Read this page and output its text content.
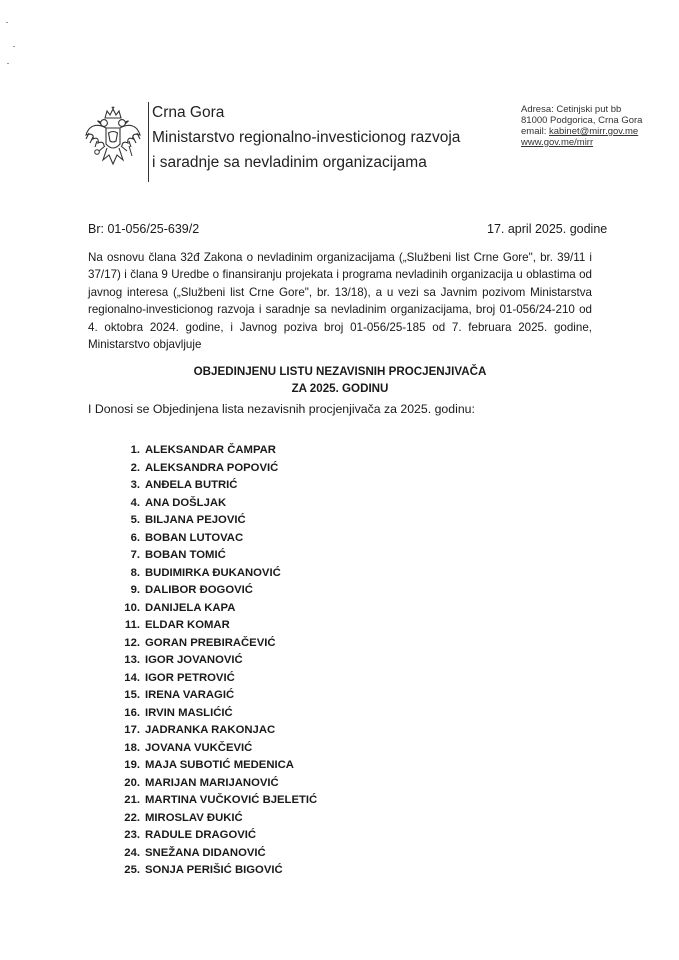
Crna Gora
Ministarstvo regionalno-investicionog razvoja
i saradnje sa nevladinim organizacijama
Adresa: Cetinjski put bb
81000 Podgorica, Crna Gora
email: kabinet@mirr.gov.me
www.gov.me/mirr
Br: 01-056/25-639/2	17. april 2025. godine
Na osnovu člana 32đ Zakona o nevladinim organizacijama („Službeni list Crne Gore", br. 39/11 i 37/17) i člana 9 Uredbe o finansiranju projekata i programa nevladinih organizacija u oblastima od javnog interesa („Službeni list Crne Gore", br. 13/18), a u vezi sa Javnim pozivom Ministarstva regionalno-investicionog razvoja i saradnje sa nevladinim organizacijama, broj 01-056/24-210 od 4. oktobra 2024. godine, i Javnog poziva broj 01-056/25-185 od 7. februara 2025. godine, Ministarstvo objavljuje
OBJEDINJENU LISTU NEZAVISNIH PROCJENJIVAČA
ZA 2025. GODINU
I Donosi se Objedinjena lista nezavisnih procjenjivača za 2025. godinu:
1. ALEKSANDAR ČAMPAR
2. ALEKSANDRA POPOVIĆ
3. ANĐELA BUTRIĆ
4. ANA DOŠLJAK
5. BILJANA PEJOVIĆ
6. BOBAN LUTOVAC
7. BOBAN TOMIĆ
8. BUDIMIRKA ĐUKANOVIĆ
9. DALIBOR ĐOGOVIĆ
10. DANIJELA KAPA
11. ELDAR KOMAR
12. GORAN PREBIRAČEVIĆ
13. IGOR JOVANOVIĆ
14. IGOR PETROVIĆ
15. IRENA VARAGIĆ
16. IRVIN MASLIĆIĆ
17. JADRANKA RAKONJAC
18. JOVANA VUKČEVIĆ
19. MAJA SUBOTIĆ MEDENICA
20. MARIJAN MARIJANOVIĆ
21. MARTINA VUČKOVIĆ BJELETIĆ
22. MIROSLAV ĐUKIĆ
23. RADULE DRAGOVIĆ
24. SNEŽANA DIDANOVIĆ
25. SONJA PERIŠIĆ BIGOVIĆ
